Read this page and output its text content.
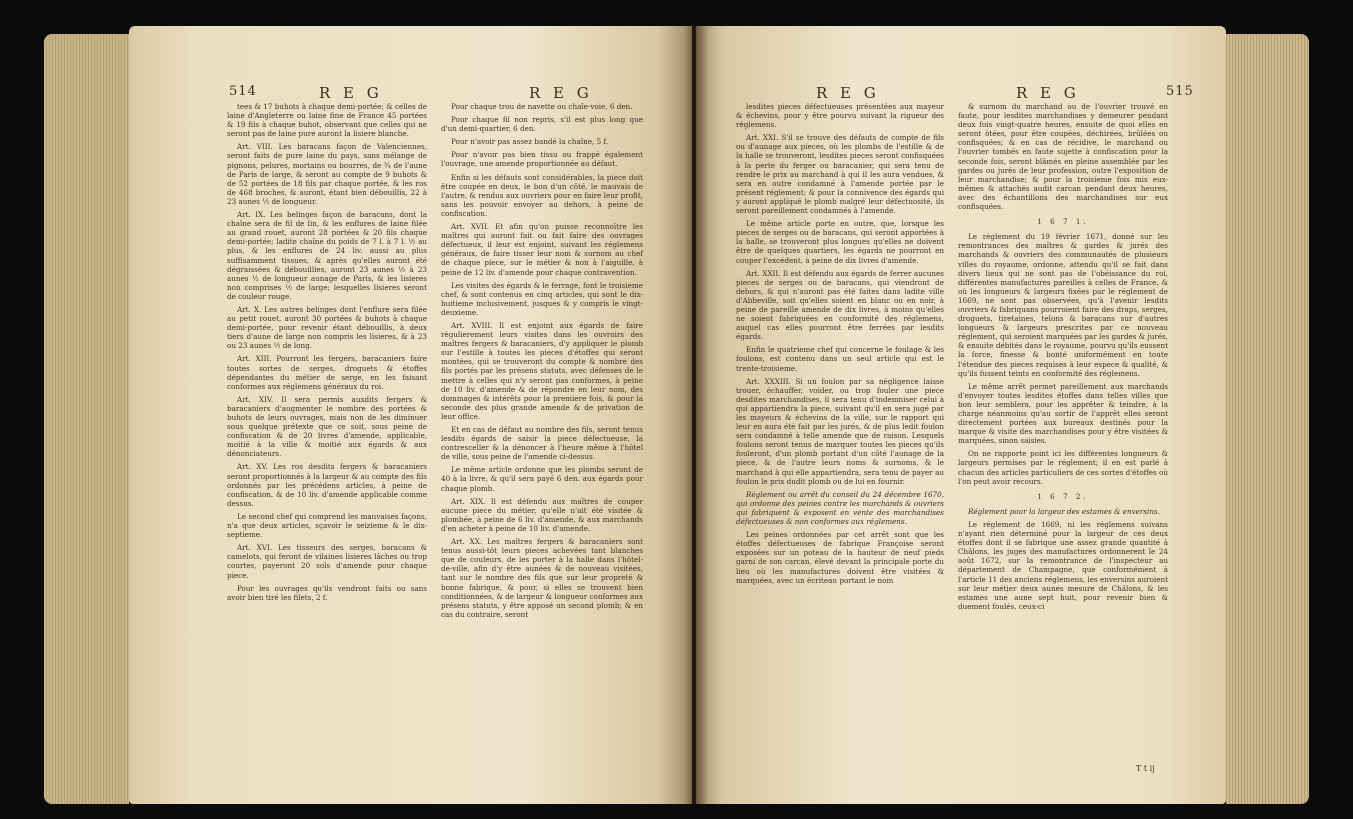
514	R E G	R E G

tees & 17 buhots à chaque demi-portée; & celles de laine d'Angleterre ou laine fine de France 45 portées & 19 fils à chaque buhot, observant que celles qui ne seront pas de laine pure auront la lisiere blanche.

Art. VIII. Les baracans façon de Valenciennes, seront faits de pure laine du pays, sans mélange de pignons, pelures, mortains ou bourres, de ¾ de l'aune de Paris de large, & seront au compte de 9 buhots & de 52 portées de 18 fils par chaque portée, & les ros de 468 broches, & auront, étant bien débouillis, 22 à 23 aunes ½ de longueur.

Art. IX. Les belinges façon de baracans, dont la chaîne sera de fil de lin, & les enflures de laine filée au grand rouet, auront 28 portées & 20 fils chaque demi-portée; ladite chaîne du poids de 7 l. à 7 l. ½ au plus, & les enflures de 24 liv. aussi au plus suffisamment tissues, & après qu'elles auront été dégraissées & débouillies, auront 23 aunes ½ à 23 aunes ½ de longueur aunage de Paris, & les lisieres non comprises ½ de large; lesquelles lisieres seront de couleur rouge.

Art. X. Les autres belinges dont l'enflure sera filée au petit rouet, auront 30 portées & buhots à chaque demi-portée, pour revenir étant débouillis, à deux tiers d'aune de large non compris les lisieres, & à 23 ou 23 aunes ½ de long.

Art. XIII. Pourront les fergers, baracaniers faire toutes sortes de serges, droguets & étoffes dépendantes du métier de serge, en les faisant conformes aux réglemens généraux du roi.

Art. XIV. Il sera permis auxdits fergers & baracaniers d'augmenter le nombre des portées & buhots de leurs ouvrages, mais non de les diminuer sous quelque prétexte que ce soit, sous peine de confiscation & de 20 livres d'amende, applicable, moitié à la ville & moitié aux égards & aux dénonciateurs.

Art. XV. Les ros desdits fergers & baracaniers seront proportionnés à la largeur & au compte des fils ordonnés par les précédens articles, à peine de confiscation, & de 10 liv. d'amende applicable comme dessus.

Le second chef qui comprend les mauvaises façons, n'a que deux articles, sçavoir le seizieme & le dix-septieme.

Art. XVI. Les tisseurs des serges, baracans & camelots, qui feront de vilaines lisieres lâches ou trop courtes, payeront 20 sols d'amende pour chaque piece.

Pour les ouvrages qu'ils vendront faits ou sans avoir bien tiré les filets, 2 f.

Pour chaque trou de navette ou chaîe-voie, 6 den.

Pour chaque fil non repris, s'il est plus long que d'un demi-quartier, 6 den.

Pour n'avoir pas assez bandé la chaîne, 5 f.

Pour n'avoir pas bien tissu ou frappé également l'ouvrage, une amende proportionnée au défaut.

Enfin si les défauts sont considérables, la piece doit être coupée en deux, le bon d'un côté, le mauvais de l'autre, & rendus aux ouvriers pour en faire leur profit, sans les pouvoir envoyer au dehors, à peine de confiscation.

Art. XVII. Et afin qu'on puisse reconnoître les maîtres qui auront fait ou fait faire des ouvrages défectueux, il leur est enjoint, suivant les réglemens généraux, de faire tisser leur nom & surnom au chef de chaque piece, sur le métier & non à l'aiguille, à peine de 12 liv. d'amende pour chaque contravention.

Les visites des égards & le ferrage, font le troisieme chef, & sont contenus en cinq articles, qui sont le dix-huitieme inclusivement, jusques & y compris le vingt-deuxieme.

Art. XVIII. Il est enjoint aux égards de faire régulierement leurs visites dans les ouvroirs des maîtres fergers & baracaniers, d'y appliquer le plomb sur l'estille à toutes les pieces d'étoffes qui seront montées, qui se trouveront du compte & nombre des fils portés par les présens statuts, avec défenses de le mettre à celles qui n'y seront pas conformes, à peine de 10 liv. d'amende & de répondre en leur nom, des dommages & intérêts pour la premiere fois, & pour la seconde des plus grande amende & de privation de leur office.

Et en cas de défaut au nombre des fils, seront tenus lesdits égards de saisir la piece défectueuse, la contresceller & la dénoncer à l'heure même à l'hôtel de ville, sous peine de l'amende ci-dessus.

Le même article ordonne que les plombs seront de 40 à la livre, & qu'il sera payé 6 den. aux égards pour chaque plomb.

Art. XIX. Il est défendu aux maîtres de couper aucune piece du métier, qu'elle n'ait été visitée & plombée, à peine de 6 liv. d'amende, & aux marchands d'en acheter à peine de 10 liv. d'amende.

Art. XX. Les maîtres fergers & baracaniers sont tenus aussi-tôt leurs pieces achevées tant blanches que de couleurs, de les porter à la halle dans l'hôtel-de-ville, afin d'y être aunées & de nouveau visitées, tant sur le nombre des fils que sur leur propreté & bonne fabrique, & pour, si elles se trouvent bien conditionnées, & de largeur & longueur conformes aux présens statuts, y être apposé un second plomb; & en cas du contraire, seront

R E G	R E G	515

lesdites pieces défectueuses présentées aux mayeur & échevins, pour y être pourvu suivant la rigueur des réglemens.

Art. XXI. S'il se trouve des défauts de compte de fils ou d'aunage aux pieces, où les plombs de l'estille & de la halle se trouveront, lesdites pieces seront confisquées à la perte du ferger ou baracanier, qui sera tenu de rendre le prix au marchand à qui il les aura vendues, & sera en outre condamné à l'amende portée par le présent réglement; & pour la connivence des égards qui y auront appliqué le plomb malgré leur défectuosité, ils seront pareillement condamnés à l'amende.

Le même article porte en outre, que, lorsque les pieces de serges ou de baracans, qui seront apportées à la halle, se trouveront plus longues qu'elles ne doivent être de quelques quartiers, les égards ne pourront en couper l'excédent, à peine de dix livres d'amende.

Art. XXII. Il est défendu aux égards de ferrer aucunes pieces de serges ou de baracans, qui viendront de dehors, & qui n'auront pas été faites dans ladite ville d'Abbeville, soit qu'elles soient en blanc ou en noir, à peine de pareille amende de dix livres, à moins qu'elles ne soient fabriquées en conformité des réglemens, auquel cas elles pourront être ferrées par lesdits égards.

Enfin le quatrieme chef qui concerne le foulage & les foulons, est contenu dans un seul article qui est le trente-troisieme.

Art. XXXIII. Si un foulon par sa négligence laisse trouer, échauffer, voider, ou trop fouler une piece desdites marchandises, il sera tenu d'indemniser celui à qui appartiendra la piece, suivant qu'il en sera jugé par les mayeurs & échevins de la ville, sur le rapport qui leur en aura été fait par les jurés, & de plus ledit foulon sera condamné à telle amende que de raison. Lesquels foulons seront tenus de marquer toutes les pieces qu'ils fouleront, d'un plomb portant d'un côté l'aunage de la piece, & de l'autre leurs noms & surnoms, & le marchand à qui elle appartiendra, sera tenu de payer au foulon le prix dudit plomb ou de lui en fournir.

Réglement ou arrêt du conseil du 24 décembre 1670, qui ordonne des peines contre les marchands & ouvriers qui fabriquent & exposent en vente des marchandises défectueuses & non conformes aux réglemens.

Les peines ordonnées par cet arrêt sont que les étoffes défectueuses de fabrique Françoise seront exposées sur un poteau de la hauteur de neuf pieds garni de son carcan, élevé devant la principale porte du lieu où les manufactures doivent être visitées & marquées, avec un écriteau portant le nom

& surnom du marchand ou de l'ouvrier trouvé en faute, pour lesdites marchandises y demeurer pendant deux fois vingt-quatre heures, ensuite de quoi elles en seront ôtées, pour être coupées, déchirées, brûlées ou confisquées; & en cas de récidive, le marchand ou l'ouvrier tombés en faute sujette à confiscation pour la seconde fois, seront blâmés en pleine assemblée par les gardes ou jurés de leur profession, outre l'exposition de leur marchandise; & pour la troisieme fois mis eux-mêmes & attachés audit carcan pendant deux heures, avec des échantillons des marchandises sur eux confisquées.

1 6 7 1.

Le réglement du 19 février 1671, donné sur les remontrances des maîtres & gardes & jurés des marchands & ouvriers des communautés de plusieurs villes du royaume, ordonne, attendu qu'il se fait dans divers lieux qui ne sont pas de l'obéissance du roi, différentes manufactures pareilles à celles de France, & où les longueurs & largeurs fixées par le réglement de 1669, ne sont pas observées, qu'à l'avenir lesdits ouvriers & fabriquans pourroient faire des draps, serges, droguets, tiretaines, telons & baracans sur d'autres longueurs & largeurs prescrites par ce nouveau réglement, qui seroient marquées par les gardes & jurés, & ensuite débités dans le royaume, pourvu qu'ils eussent la force, finesse & bonté uniformément en toute l'étendue des pieces requises à leur espece & qualité, & qu'ils fussent teints en conformité des réglemens.

Le même arrêt permet pareillement aux marchands d'envoyer toutes lesdites étoffes dans telles villes que bon leur semblera, pour les apprêter & teindre, à la charge néanmoins qu'au sortir de l'apprêt elles seront directement portées aux bureaux destinés pour la marque & visite des marchandises pour y être visitées & marquées, sinon saisies.

On ne rapporte point ici les différentes longueurs & largeurs permises par le réglement; il en est parlé à chacun des articles particuliers de ces sortes d'étoffes où l'on peut avoir recours.

1 6 7 2.

Réglement pour la largeur des estames & enversins.

Le réglement de 1669, ni les réglemens suivans n'ayant rien déterminé pour la largeur de ces deux étoffes dont il se fabrique une assez grande quantité à Châlons, les juges des manufactures ordonnerent le 24 août 1672, sur la remontrance de l'inspecteur au département de Champagne, que conformément à l'article 11 des anciens réglemens, les enversins auroient sur leur métier deux aunes mesure de Châlons, & les estames une aune sept huit, pour revenir bien & duement foulés, ceux-ci

T t ij
